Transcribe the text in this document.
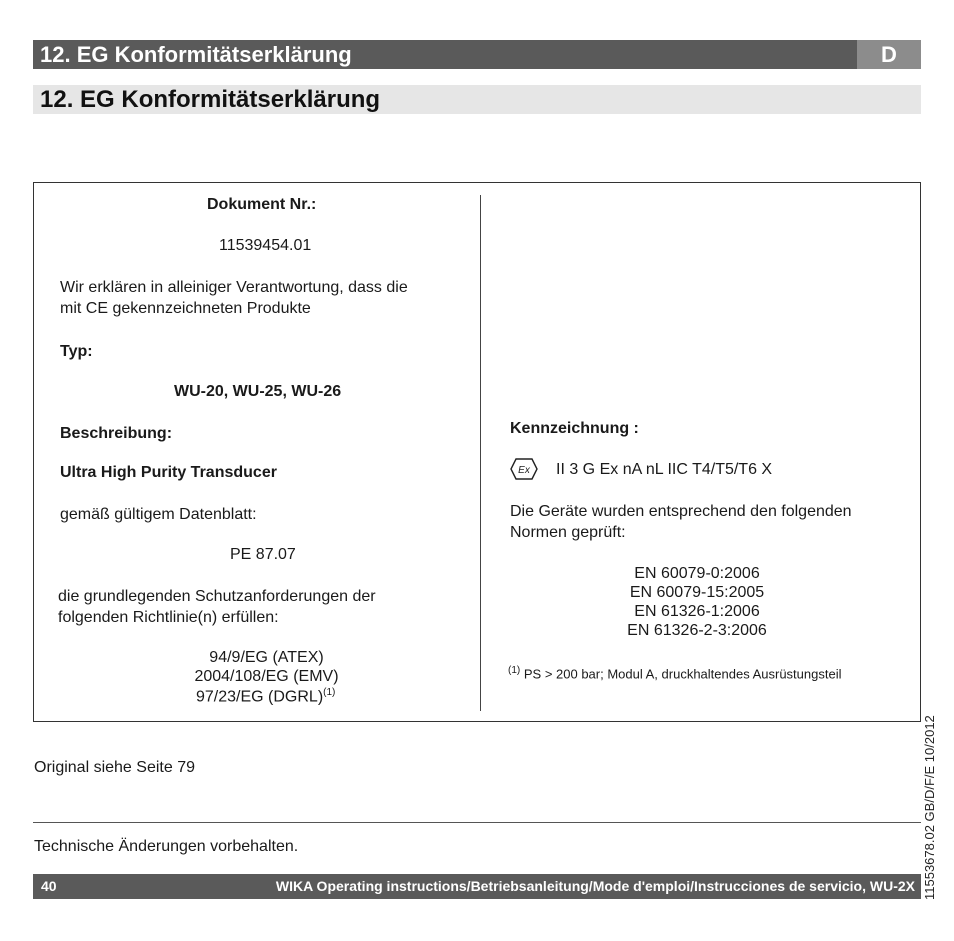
12. EG Konformitätserklärung	D
12. EG Konformitätserklärung
Dokument Nr.:
11539454.01
Wir erklären in alleiniger Verantwortung, dass die
mit CE gekennzeichneten Produkte
Typ:
WU-20, WU-25, WU-26
Beschreibung:
Ultra High Purity Transducer
gemäß gültigem Datenblatt:
PE 87.07
die grundlegenden Schutzanforderungen der
folgenden Richtlinie(n) erfüllen:
94/9/EG (ATEX)
2004/108/EG (EMV)
97/23/EG (DGRL)$^{(1)}$
Kennzeichnung :
Ex II 3 G Ex nA nL IIC T4/T5/T6 X
Die Geräte wurden entsprechend den folgenden
Normen geprüft:
EN 60079-0:2006
EN 60079-15:2005
EN 61326-1:2006
EN 61326-2-3:2006
$^{(1)}$ PS > 200 bar; Modul A, druckhaltendes Ausrüstungsteil
Original siehe Seite 79
Technische Änderungen vorbehalten.
40	WIKA Operating instructions/Betriebsanleitung/Mode d'emploi/Instrucciones de servicio, WU-2X 11553678.02 GB/D/F/E 10/2012
